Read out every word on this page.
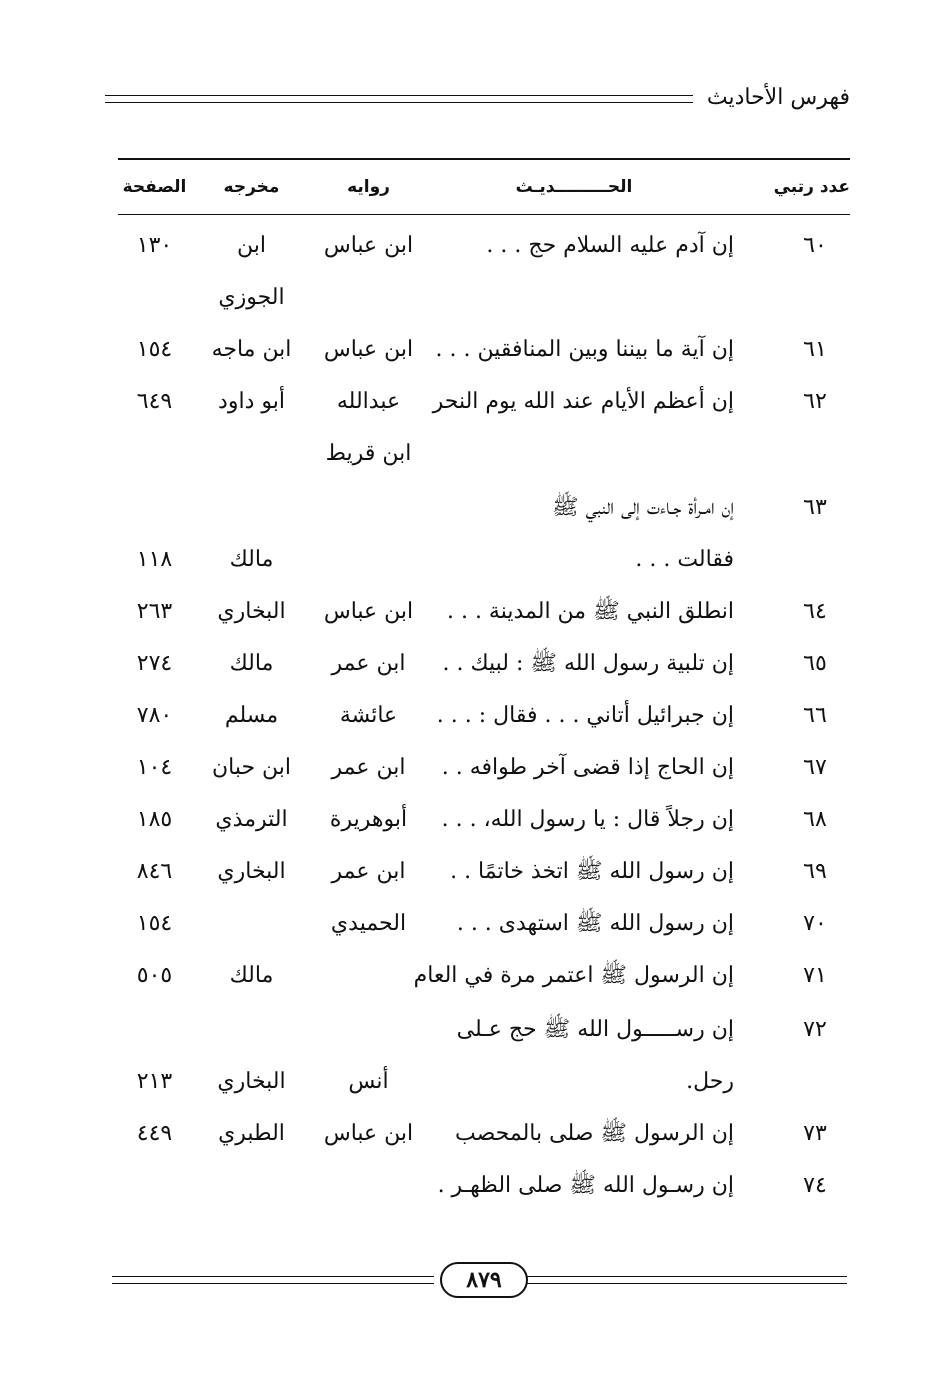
فهرس الأحاديث
عدد رتبي
الحـــــــــديـث
روايه
مخرجه
الصفحة
٦٠
إن آدم عليه السلام حج . . .
ابن عباس
ابن
١٣٠
الجوزي
٦١
إن آية ما بيننا وبين المنافقين . . .
ابن عباس
ابن ماجه
١٥٤
٦٢
إن أعظم الأيام عند الله يوم النحر
عبدالله
أبو داود
٦٤٩
ابن قريط
٦٣
إن امـرأة جـاءت إلى النبي ﷺ
فقالت . . .
مالك
١١٨
٦٤
انطلق النبي ﷺ من المدينة . . .
ابن عباس
البخاري
٢٦٣
٦٥
إن تلبية رسول الله ﷺ : لبيك . .
ابن عمر
مالك
٢٧٤
٦٦
إن جبرائيل أتاني . . . فقال : . . .
عائشة
مسلم
٧٨٠
٦٧
إن الحاج إذا قضى آخر طوافه . .
ابن عمر
ابن حبان
١٠٤
٦٨
إن رجلاً قال : يا رسول الله، . . .
أبوهريرة
الترمذي
١٨٥
٦٩
إن رسول الله ﷺ اتخذ خاتمًا . .
ابن عمر
البخاري
٨٤٦
٧٠
إن رسول الله ﷺ استهدى . . .
الحميدي
١٥٤
٧١
إن الرسول ﷺ اعتمر مرة في العام
مالك
٥٠٥
٧٢
إن رســـــول الله ﷺ حج عـلى
رحل.
أنس
البخاري
٢١٣
٧٣
إن الرسول ﷺ صلى بالمحصب
ابن عباس
الطبري
٤٤٩
٧٤
إن رسـول الله ﷺ صلى الظهـر .
٨٧٩
